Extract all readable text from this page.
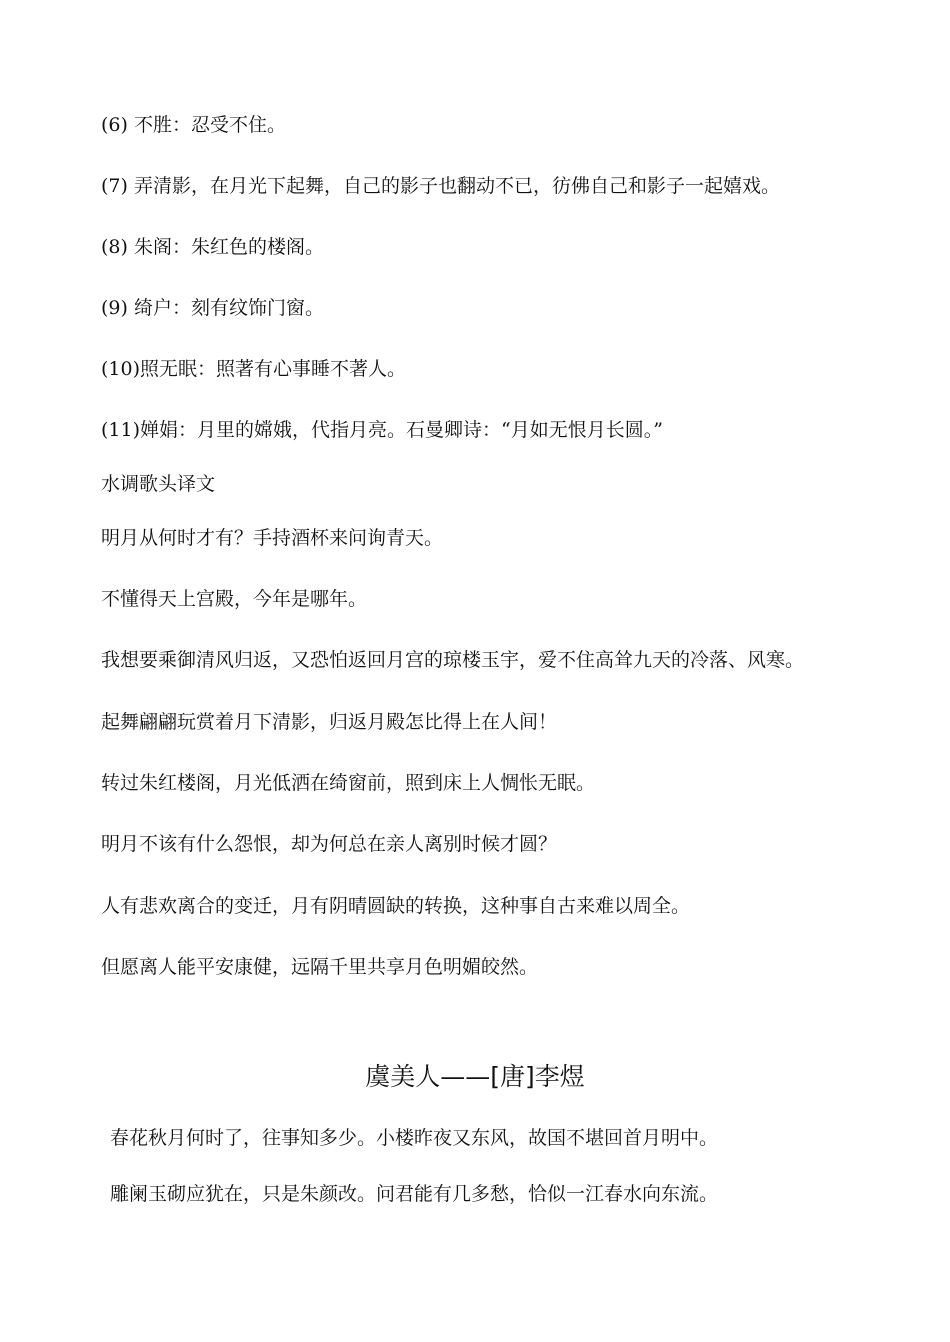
(6) 不胜：忍受不住。
(7) 弄清影，在月光下起舞，自己的影子也翻动不已，彷佛自己和影子一起嬉戏。
(8) 朱阁：朱红色的楼阁。
(9) 绮户：刻有纹饰门窗。
(10)照无眠：照著有心事睡不著人。
(11)婵娟：月里的嫦娥，代指月亮。石曼卿诗：“月如无恨月长圆。”
水调歌头译文
明月从何时才有？手持酒杯来问询青天。
不懂得天上宫殿，今年是哪年。
我想要乘御清风归返，又恐怕返回月宫的琼楼玉宇，爱不住高耸九天的冷落、风寒。
起舞翩翩玩赏着月下清影，归返月殿怎比得上在人间！
转过朱红楼阁，月光低洒在绮窗前，照到床上人惆怅无眠。
明月不该有什么怨恨，却为何总在亲人离别时候才圆？
人有悲欢离合的变迁，月有阴晴圆缺的转换，这种事自古来难以周全。
但愿离人能平安康健，远隔千里共享月色明媚皎然。
虞美人——[唐]李煜
春花秋月何时了，往事知多少。小楼昨夜又东风，故国不堪回首月明中。
雕阑玉砌应犹在，只是朱颜改。问君能有几多愁，恰似一江春水向东流。
